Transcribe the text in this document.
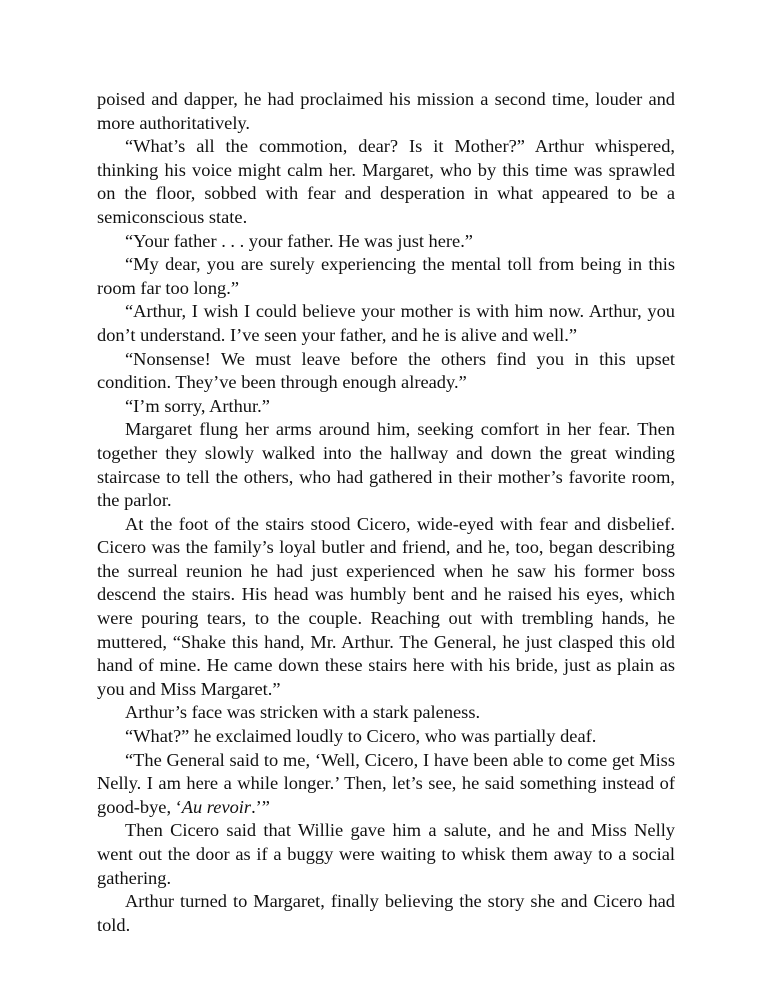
poised and dapper, he had proclaimed his mission a second time, louder and more authoritatively.

“What’s all the commotion, dear? Is it Mother?” Arthur whispered, thinking his voice might calm her. Margaret, who by this time was sprawled on the floor, sobbed with fear and desperation in what appeared to be a semiconscious state.

“Your father . . . your father. He was just here.”

“My dear, you are surely experiencing the mental toll from being in this room far too long.”

“Arthur, I wish I could believe your mother is with him now. Arthur, you don’t understand. I’ve seen your father, and he is alive and well.”

“Nonsense! We must leave before the others find you in this upset condition. They’ve been through enough already.”

“I’m sorry, Arthur.”

Margaret flung her arms around him, seeking comfort in her fear. Then together they slowly walked into the hallway and down the great winding staircase to tell the others, who had gathered in their mother’s favorite room, the parlor.

At the foot of the stairs stood Cicero, wide-eyed with fear and disbelief. Cicero was the family’s loyal butler and friend, and he, too, began describing the surreal reunion he had just experienced when he saw his former boss descend the stairs. His head was humbly bent and he raised his eyes, which were pouring tears, to the couple. Reaching out with trembling hands, he muttered, “Shake this hand, Mr. Arthur. The General, he just clasped this old hand of mine. He came down these stairs here with his bride, just as plain as you and Miss Margaret.”

Arthur’s face was stricken with a stark paleness.

“What?” he exclaimed loudly to Cicero, who was partially deaf.

“The General said to me, ‘Well, Cicero, I have been able to come get Miss Nelly. I am here a while longer.’ Then, let’s see, he said something instead of good-bye, ‘Au revoir.’”

Then Cicero said that Willie gave him a salute, and he and Miss Nelly went out the door as if a buggy were waiting to whisk them away to a social gathering.

Arthur turned to Margaret, finally believing the story she and Cicero had told.
